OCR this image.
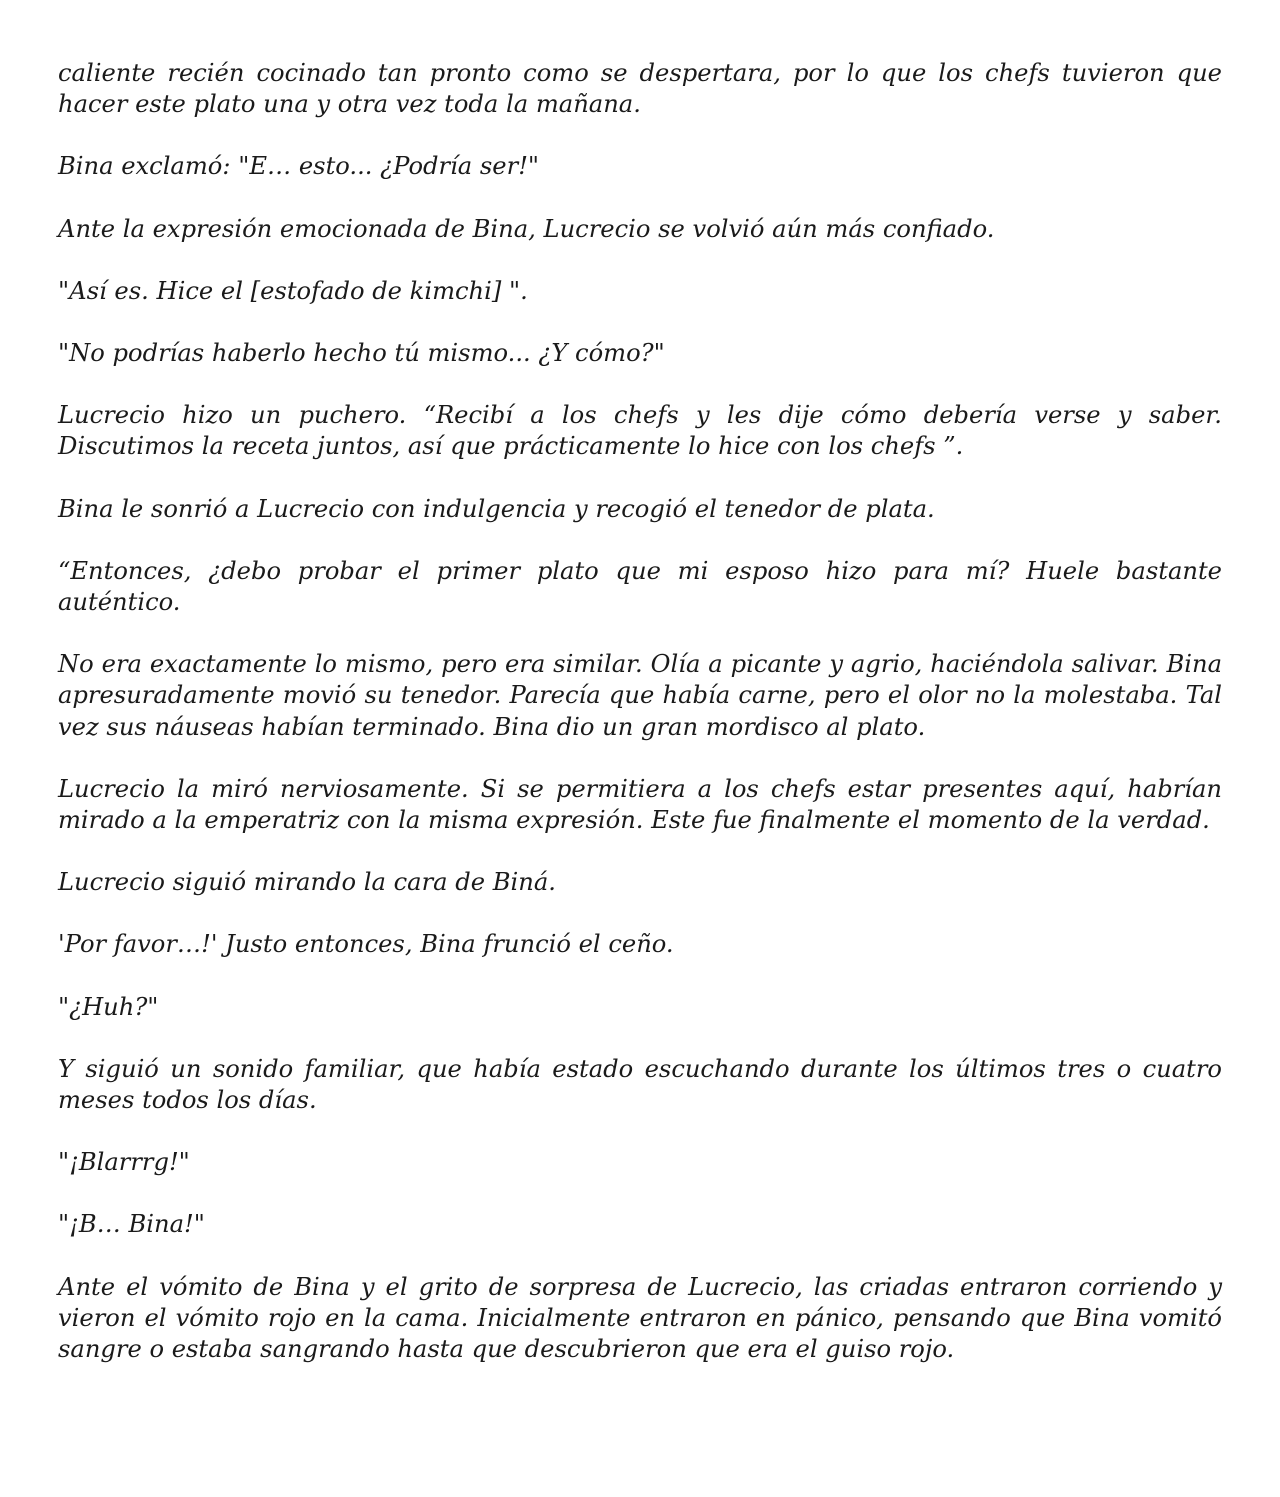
caliente recién cocinado tan pronto como se despertara, por lo que los chefs tuvieron que hacer este plato una y otra vez toda la mañana.

Bina exclamó: "E… esto... ¿Podría ser!"

Ante la expresión emocionada de Bina, Lucrecio se volvió aún más confiado.

"Así es. Hice el [estofado de kimchi] ".

"No podrías haberlo hecho tú mismo... ¿Y cómo?"

Lucrecio hizo un puchero. “Recibí a los chefs y les dije cómo debería verse y saber. Discutimos la receta juntos, así que prácticamente lo hice con los chefs ”.

Bina le sonrió a Lucrecio con indulgencia y recogió el tenedor de plata.

“Entonces, ¿debo probar el primer plato que mi esposo hizo para mí? Huele bastante auténtico.

No era exactamente lo mismo, pero era similar. Olía a picante y agrio, haciéndola salivar. Bina apresuradamente movió su tenedor. Parecía que había carne, pero el olor no la molestaba. Tal vez sus náuseas habían terminado. Bina dio un gran mordisco al plato.

Lucrecio la miró nerviosamente. Si se permitiera a los chefs estar presentes aquí, habrían mirado a la emperatriz con la misma expresión. Este fue finalmente el momento de la verdad.

Lucrecio siguió mirando la cara de Biná.

'Por favor…!' Justo entonces, Bina frunció el ceño.

"¿Huh?"

Y siguió un sonido familiar, que había estado escuchando durante los últimos tres o cuatro meses todos los días.

"¡Blarrrg!"

"¡B… Bina!"

Ante el vómito de Bina y el grito de sorpresa de Lucrecio, las criadas entraron corriendo y vieron el vómito rojo en la cama. Inicialmente entraron en pánico, pensando que Bina vomitó sangre o estaba sangrando hasta que descubrieron que era el guiso rojo.
